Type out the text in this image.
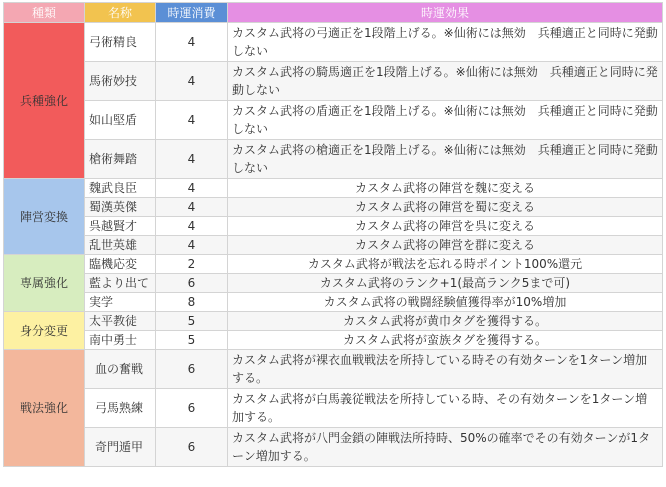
種類	名称	時運消費	時運効果
兵種強化	弓術精良	4	カスタム武将の弓適正を1段階上げる。※仙術には無効　兵種適正と同時に発動しない
	馬術妙技	4	カスタム武将の騎馬適正を1段階上げる。※仙術には無効　兵種適正と同時に発動しない
	如山堅盾	4	カスタム武将の盾適正を1段階上げる。※仙術には無効　兵種適正と同時に発動しない
	槍術舞踏	4	カスタム武将の槍適正を1段階上げる。※仙術には無効　兵種適正と同時に発動しない
陣営変換	魏武良臣	4	カスタム武将の陣営を魏に変える
	蜀漢英傑	4	カスタム武将の陣営を蜀に変える
	呉越賢才	4	カスタム武将の陣営を呉に変える
	乱世英雄	4	カスタム武将の陣営を群に変える
専属強化	臨機応変	2	カスタム武将が戦法を忘れる時ポイント100%還元
	藍より出て	6	カスタム武将のランク+1(最高ランク5まで可)
	実学	8	カスタム武将の戦闘経験値獲得率が10%増加
身分変更	太平教徒	5	カスタム武将が黄巾タグを獲得する。
	南中勇士	5	カスタム武将が蛮族タグを獲得する。
戦法強化	血の奮戦	6	カスタム武将が裸衣血戦戦法を所持している時その有効ターンを1ターン増加する。
	弓馬熟練	6	カスタム武将が白馬義従戦法を所持している時、その有効ターンを1ターン増加する。
	奇門遁甲	6	カスタム武将が八門金鎖の陣戦法所持時、50%の確率でその有効ターンが1ターン増加する。
